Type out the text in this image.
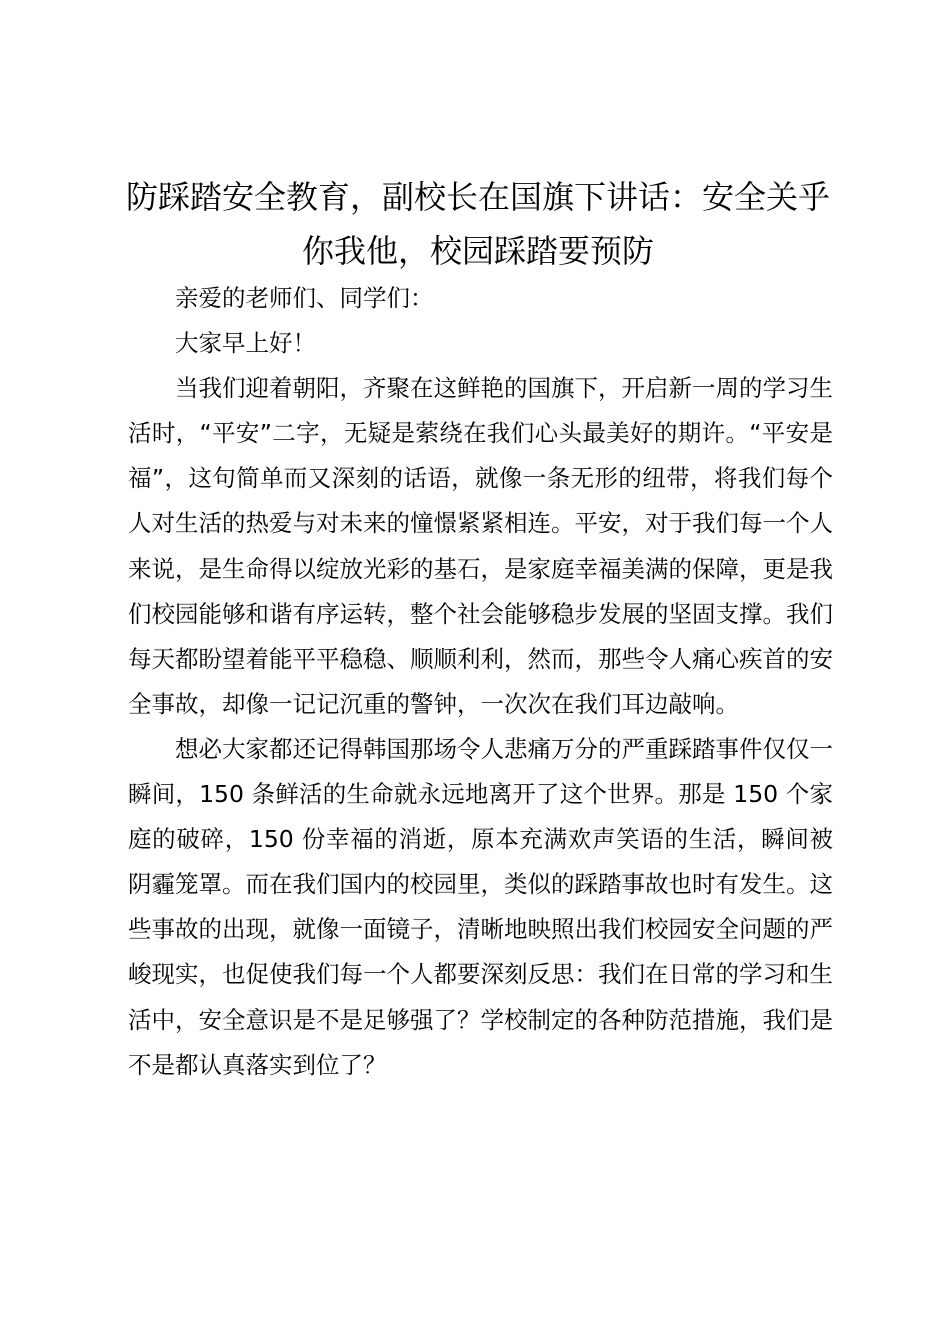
防踩踏安全教育，副校长在国旗下讲话：安全关乎你我他，校园踩踏要预防

亲爱的老师们、同学们：

大家早上好！

当我们迎着朝阳，齐聚在这鲜艳的国旗下，开启新一周的学习生活时，“平安”二字，无疑是萦绕在我们心头最美好的期许。“平安是福”，这句简单而又深刻的话语，就像一条无形的纽带，将我们每个人对生活的热爱与对未来的憧憬紧紧相连。平安，对于我们每一个人来说，是生命得以绽放光彩的基石，是家庭幸福美满的保障，更是我们校园能够和谐有序运转，整个社会能够稳步发展的坚固支撑。我们每天都盼望着能平平稳稳、顺顺利利，然而，那些令人痛心疾首的安全事故，却像一记记沉重的警钟，一次次在我们耳边敲响。

想必大家都还记得韩国那场令人悲痛万分的严重踩踏事件仅仅一瞬间，150 条鲜活的生命就永远地离开了这个世界。那是 150 个家庭的破碎，150 份幸福的消逝，原本充满欢声笑语的生活，瞬间被阴霾笼罩。而在我们国内的校园里，类似的踩踏事故也时有发生。这些事故的出现，就像一面镜子，清晰地映照出我们校园安全问题的严峻现实，也促使我们每一个人都要深刻反思：我们在日常的学习和生活中，安全意识是不是足够强了？学校制定的各种防范措施，我们是不是都认真落实到位了？
